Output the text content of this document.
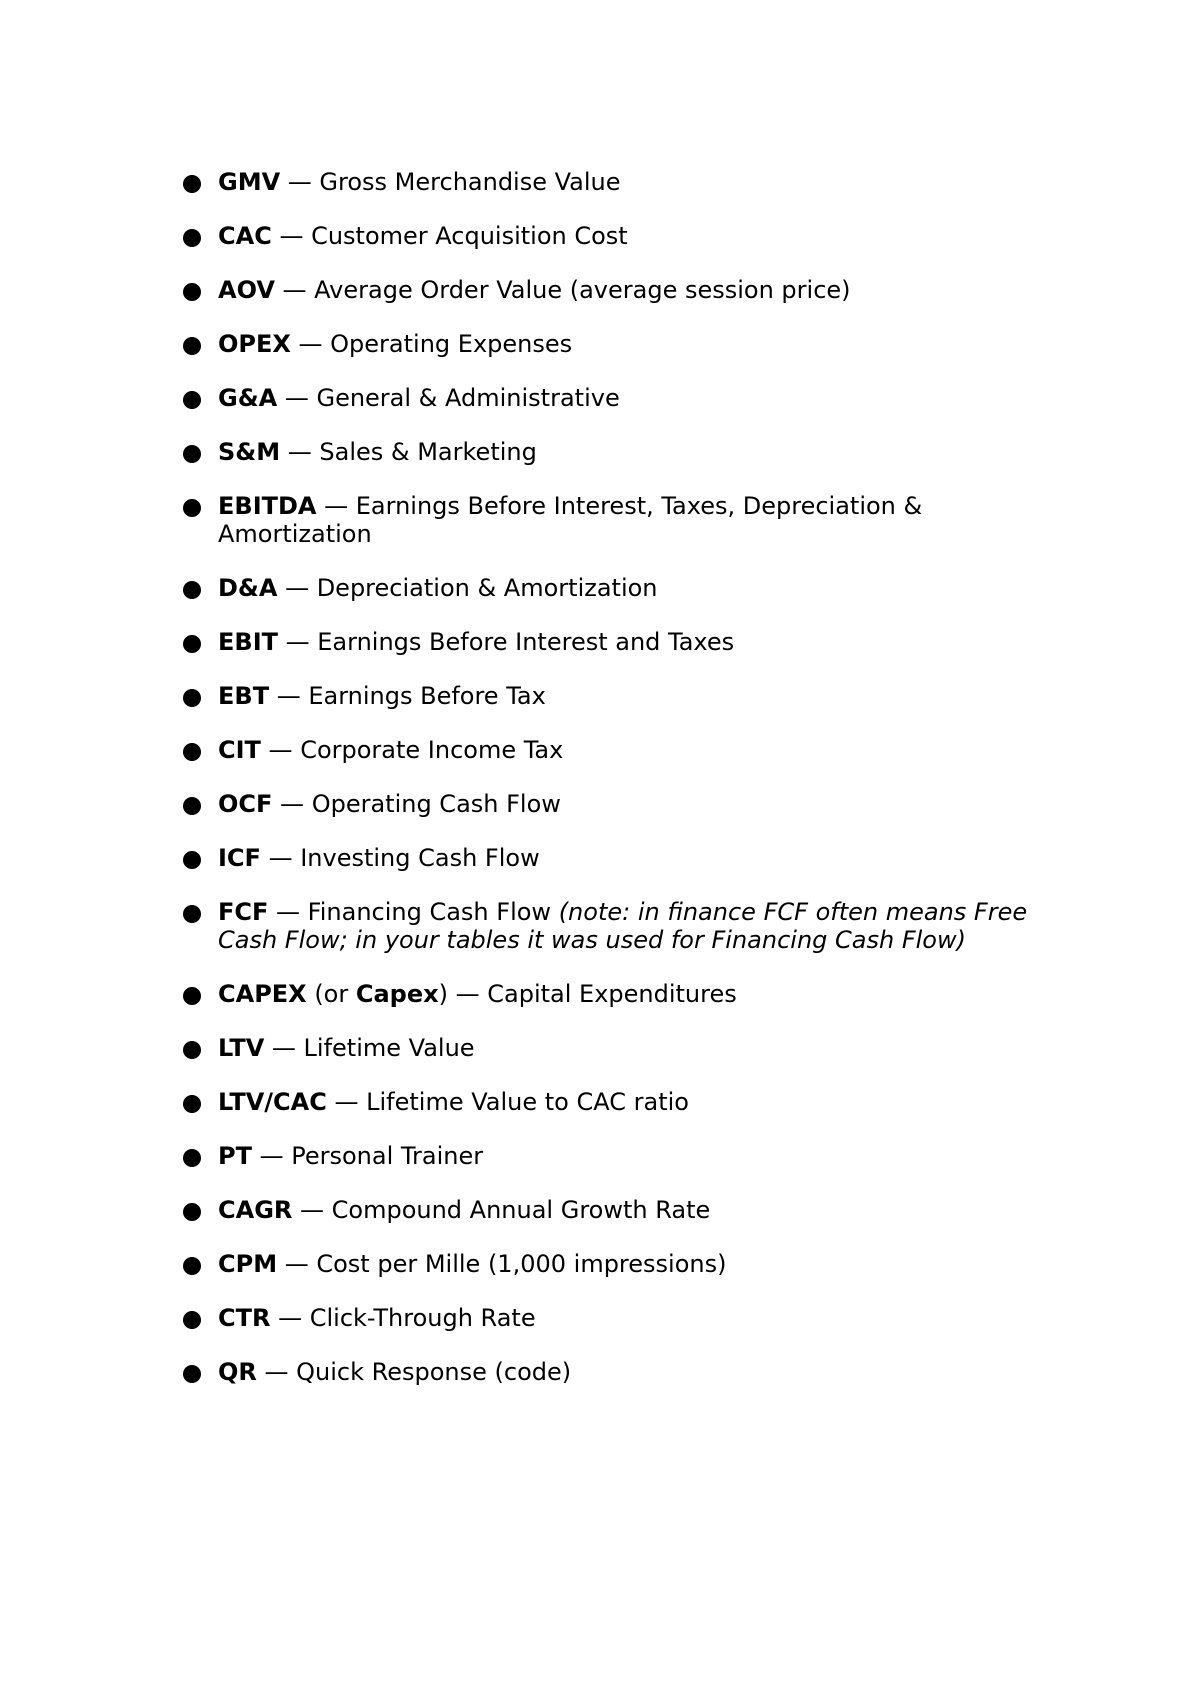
GMV — Gross Merchandise Value
CAC — Customer Acquisition Cost
AOV — Average Order Value (average session price)
OPEX — Operating Expenses
G&A — General & Administrative
S&M — Sales & Marketing
EBITDA — Earnings Before Interest, Taxes, Depreciation & Amortization
D&A — Depreciation & Amortization
EBIT — Earnings Before Interest and Taxes
EBT — Earnings Before Tax
CIT — Corporate Income Tax
OCF — Operating Cash Flow
ICF — Investing Cash Flow
FCF — Financing Cash Flow (note: in finance FCF often means Free Cash Flow; in your tables it was used for Financing Cash Flow)
CAPEX (or Capex) — Capital Expenditures
LTV — Lifetime Value
LTV/CAC — Lifetime Value to CAC ratio
PT — Personal Trainer
CAGR — Compound Annual Growth Rate
CPM — Cost per Mille (1,000 impressions)
CTR — Click-Through Rate
QR — Quick Response (code)
